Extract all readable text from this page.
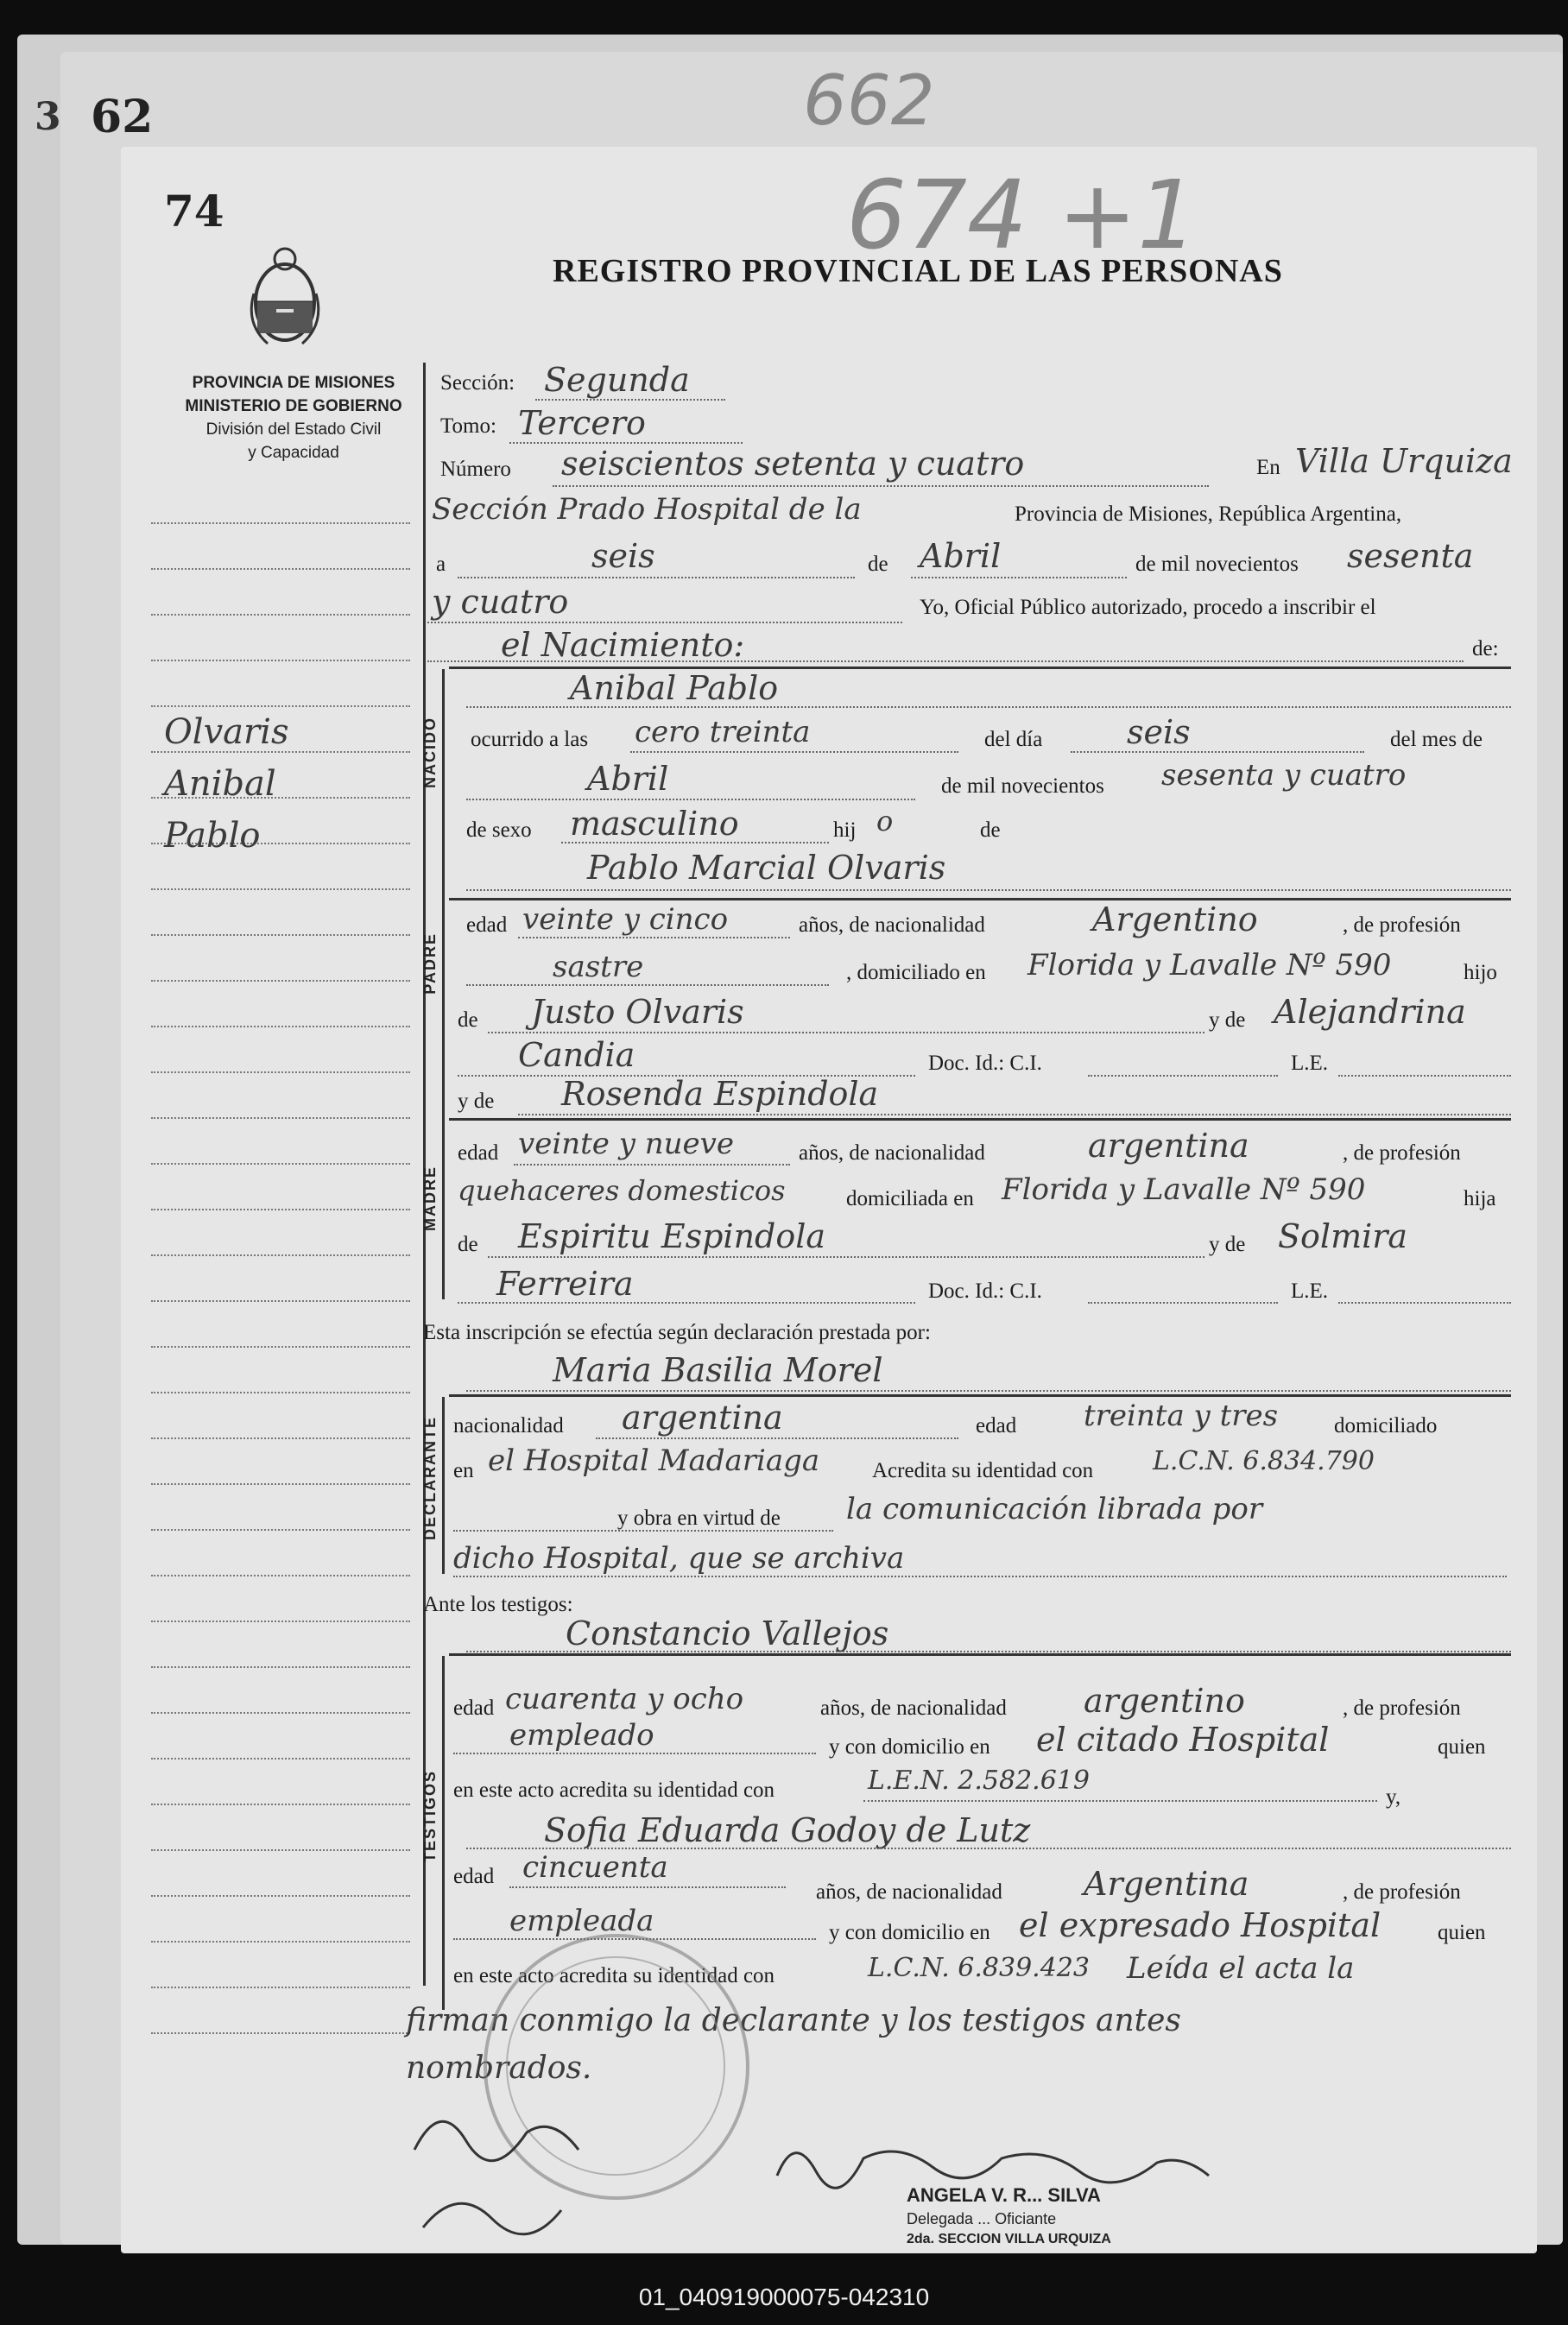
3 62	662
74	674 +1
REGISTRO PROVINCIAL DE LAS PERSONAS
PROVINCIA DE MISIONES
MINISTERIO DE GOBIERNO
División del Estado Civil
y Capacidad
Olvaris
Anibal
Pablo
NACIDO
PADRE
MADRE
DECLARANTE
TESTIGOS
Sección: Segunda
Tomo: Tercero
Número seiscientos setenta y cuatro	En Villa Urquiza
Sección Prado Hospital de la	Provincia de Misiones, República Argentina,
a	seis	de Abril	de mil novecientos sesenta
y cuatro	Yo, Oficial Público autorizado, procedo a inscribir el
el Nacimiento:	de:
Anibal Pablo
ocurrido a las cero treinta	del día	seis	del mes de
Abril	de mil novecientos sesenta y cuatro
de sexo masculino	hij o	de
Pablo Marcial Olvaris
edad veinte y cinco	años, de nacionalidad	Argentino	, de profesión
sastre	, domiciliado en Florida y Lavalle Nº 590	hijo
de Justo Olvaris	y de Alejandrina
Candia	Doc. Id.: C.I.	L.E.
y de Rosenda Espindola
edad veinte y nueve	años, de nacionalidad	argentina	, de profesión
quehaceres domesticos	domiciliada en Florida y Lavalle Nº 590	hija
de Espiritu Espindola	y de Solmira
Ferreira	Doc. Id.: C.I.	L.E.
Esta inscripción se efectúa según declaración prestada por:
Maria Basilia Morel
nacionalidad argentina	edad treinta y tres	domiciliado
en el Hospital Madariaga Acredita su identidad con L.C.N. 6.834.790
y obra en virtud de la comunicación librada por
dicho Hospital, que se archiva
Ante los testigos:
Constancio Vallejos
edad cuarenta y ocho	años, de nacionalidad argentino	, de profesión
empleado	y con domicilio en el citado Hospital	quien
en este acto acredita su identidad con	L.E.N. 2.582.619
y,
Sofia Eduarda Godoy de Lutz
edad cincuenta
años, de nacionalidad Argentina	, de profesión
empleada	y con domicilio en el expresado Hospital	quien
en este acto acredita su identidad con	L.C.N. 6.839.423 Leída el acta la
firman conmigo la declarante y los testigos antes
nombrados.
ANGELA V. R... SILVA
Delegada ... Oficiante
2da. SECCION VILLA URQUIZA
01_040919000075-042310
